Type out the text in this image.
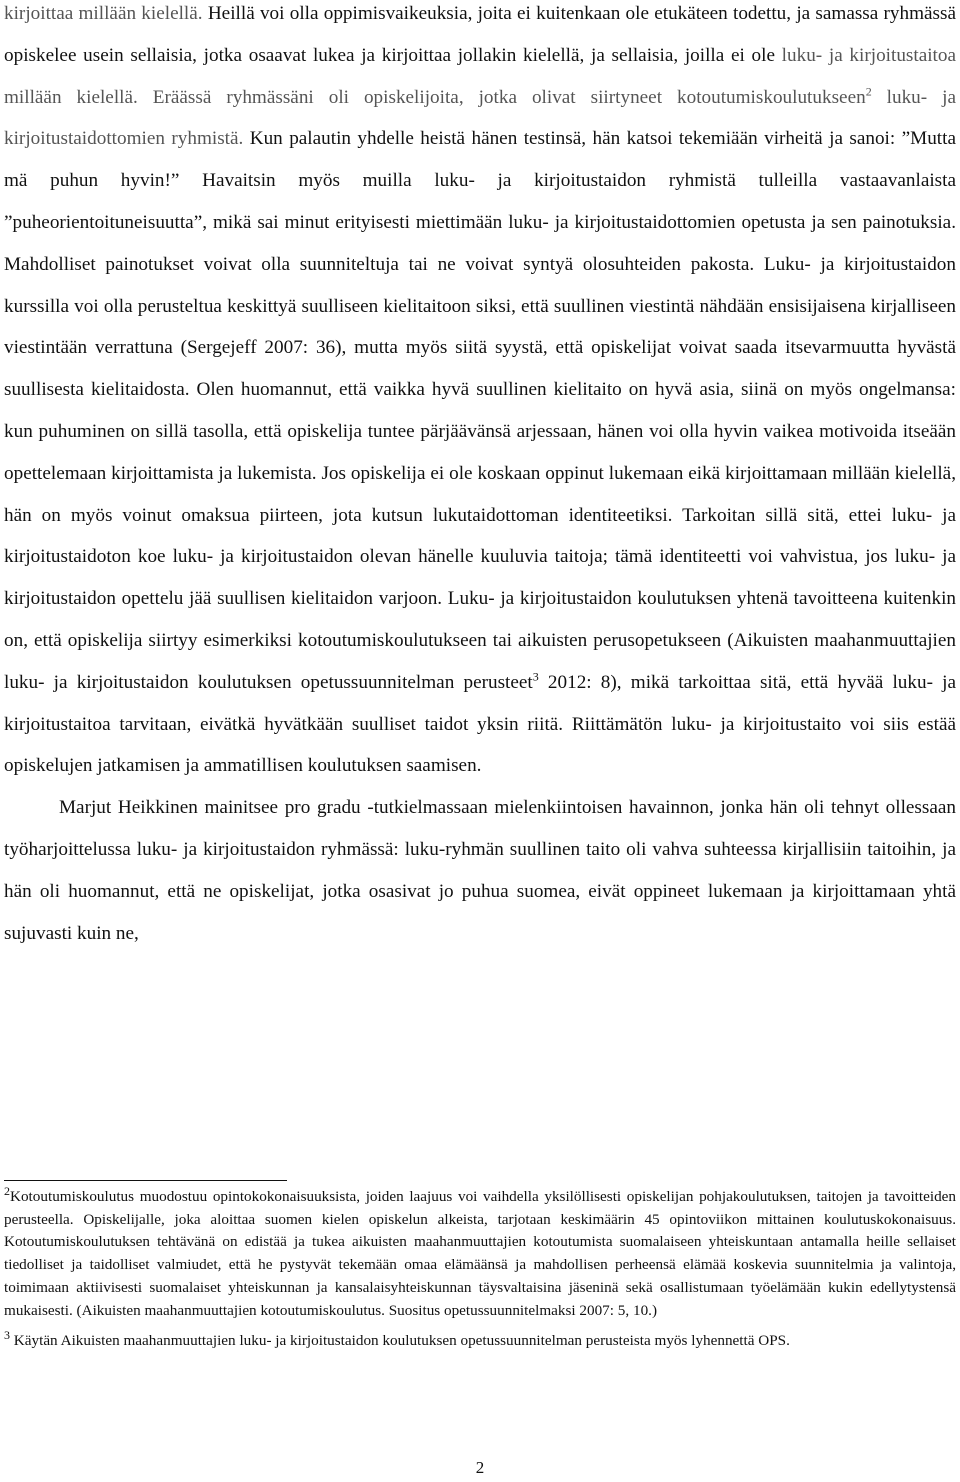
kirjoittaa millään kielellä. Heillä voi olla oppimisvaikeuksia, joita ei kuitenkaan ole etukäteen todettu, ja samassa ryhmässä opiskelee usein sellaisia, jotka osaavat lukea ja kirjoittaa jollakin kielellä, ja sellaisia, joilla ei ole luku- ja kirjoitustaitoa millään kielellä. Eräässä ryhmässäni oli opiskelijoita, jotka olivat siirtyneet kotoutumiskoulutukseen$^2$ luku- ja kirjoitustaidottomien ryhmistä. Kun palautin yhdelle heistä hänen testinsä, hän katsoi tekemiään virheitä ja sanoi: ”Mutta mä puhun hyvin!” Havaitsin myös muilla luku- ja kirjoitustaidon ryhmistä tulleilla vastaavanlaista ”puheorientoituneisuutta”, mikä sai minut erityisesti miettimään luku- ja kirjoitustaidottomien opetusta ja sen painotuksia. Mahdolliset painotukset voivat olla suunniteltuja tai ne voivat syntyä olosuhteiden pakosta. Luku- ja kirjoitustaidon kurssilla voi olla perusteltua keskittyä suulliseen kielitaitoon siksi, että suullinen viestintä nähdään ensisijaisena kirjalliseen viestintään verrattuna (Sergejeff 2007: 36), mutta myös siitä syystä, että opiskelijat voivat saada itsevarmuutta hyvästä suullisesta kielitaidosta. Olen huomannut, että vaikka hyvä suullinen kielitaito on hyvä asia, siinä on myös ongelmansa: kun puhuminen on sillä tasolla, että opiskelija tuntee pärjäävänsä arjessaan, hänen voi olla hyvin vaikea motivoida itseään opettelemaan kirjoittamista ja lukemista. Jos opiskelija ei ole koskaan oppinut lukemaan eikä kirjoittamaan millään kielellä, hän on myös voinut omaksua piirteen, jota kutsun lukutaidottoman identiteetiksi. Tarkoitan sillä sitä, ettei luku- ja kirjoitustaidoton koe luku- ja kirjoitustaidon olevan hänelle kuuluvia taitoja; tämä identiteetti voi vahvistua, jos luku- ja kirjoitustaidon opettelu jää suullisen kielitaidon varjoon. Luku- ja kirjoitustaidon koulutuksen yhtenä tavoitteena kuitenkin on, että opiskelija siirtyy esimerkiksi kotoutumiskoulutukseen tai aikuisten perusopetukseen (Aikuisten maahanmuuttajien luku- ja kirjoitustaidon koulutuksen opetussuunnitelman perusteet$^3$ 2012: 8), mikä tarkoittaa sitä, että hyvää luku- ja kirjoitustaitoa tarvitaan, eivätkä hyvätkään suulliset taidot yksin riitä. Riittämätön luku- ja kirjoitustaito voi siis estää opiskelujen jatkamisen ja ammatillisen koulutuksen saamisen.

Marjut Heikkinen mainitsee pro gradu -tutkielmassaan mielenkiintoisen havainnon, jonka hän oli tehnyt ollessaan työharjoittelussa luku- ja kirjoitustaidon ryhmässä: luku-ryhmän suullinen taito oli vahva suhteessa kirjallisiin taitoihin, ja hän oli huomannut, että ne opiskelijat, jotka osasivat jo puhua suomea, eivät oppineet lukemaan ja kirjoittamaan yhtä sujuvasti kuin ne,

$^2$Kotoutumiskoulutus muodostuu opintokokonaisuuksista, joiden laajuus voi vaihdella yksilöllisesti opiskelijan pohjakoulutuksen, taitojen ja tavoitteiden perusteella. Opiskelijalle, joka aloittaa suomen kielen opiskelun alkeista, tarjotaan keskimäärin 45 opintoviikon mittainen koulutuskokonaisuus. Kotoutumiskoulutuksen tehtävänä on edistää ja tukea aikuisten maahanmuuttajien kotoutumista suomalaiseen yhteiskuntaan antamalla heille sellaiset tiedolliset ja taidolliset valmiudet, että he pystyvät tekemään omaa elämäänsä ja mahdollisen perheensä elämää koskevia suunnitelmia ja valintoja, toimimaan aktiivisesti suomalaiset yhteiskunnan ja kansalaisyhteiskunnan täysvaltaisina jäseninä sekä osallistumaan työelämään kukin edellytystensä mukaisesti. (Aikuisten maahanmuuttajien kotoutumiskoulutus. Suositus opetussuunnitelmaksi 2007: 5, 10.)

$^3$ Käytän Aikuisten maahanmuuttajien luku- ja kirjoitustaidon koulutuksen opetussuunnitelman perusteista myös lyhennettä OPS.

2
